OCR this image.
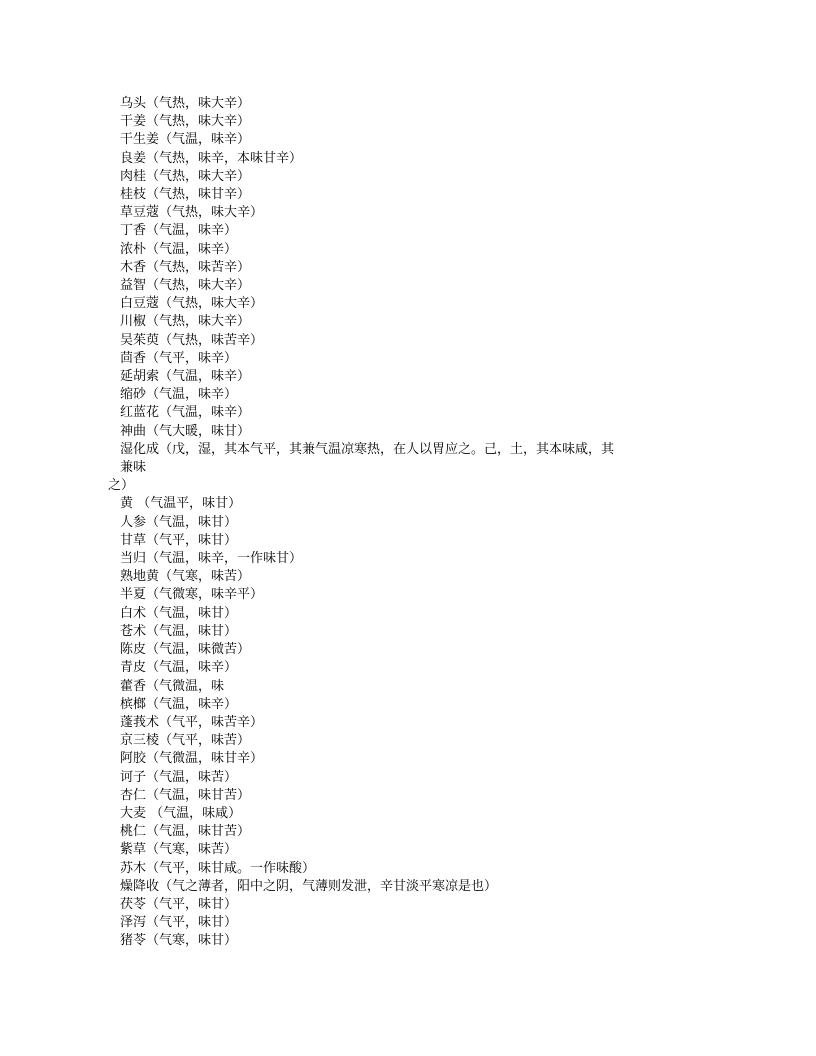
乌头（气热，味大辛）

干姜（气热，味大辛）

干生姜（气温，味辛）

良姜（气热，味辛，本味甘辛）

肉桂（气热，味大辛）

桂枝（气热，味甘辛）

草豆蔻（气热，味大辛）

丁香（气温，味辛）

浓朴（气温，味辛）

木香（气热，味苦辛）

益智（气热，味大辛）

白豆蔻（气热，味大辛）

川椒（气热，味大辛）

吴茱萸（气热，味苦辛）

茴香（气平，味辛）

延胡索（气温，味辛）

缩砂（气温，味辛）

红蓝花（气温，味辛）

神曲（气大暖，味甘）

湿化成（戊，湿，其本气平，其兼气温凉寒热，在人以胃应之。己，土，其本味咸，其

兼味

之）

黄 （气温平，味甘）

人参（气温，味甘）

甘草（气平，味甘）

当归（气温，味辛，一作味甘）

熟地黄（气寒，味苦）

半夏（气微寒，味辛平）

白术（气温，味甘）

苍术（气温，味甘）

陈皮（气温，味微苦）

青皮（气温，味辛）

藿香（气微温，味

槟榔（气温，味辛）

蓬莪术（气平，味苦辛）

京三棱（气平，味苦）

阿胶（气微温，味甘辛）

诃子（气温，味苦）

杏仁（气温，味甘苦）

大麦 （气温，味咸）

桃仁（气温，味甘苦）

紫草（气寒，味苦）

苏木（气平，味甘咸。一作味酸）

燥降收（气之薄者，阳中之阴，气薄则发泄，辛甘淡平寒凉是也）

茯苓（气平，味甘）

泽泻（气平，味甘）

猪苓（气寒，味甘）
